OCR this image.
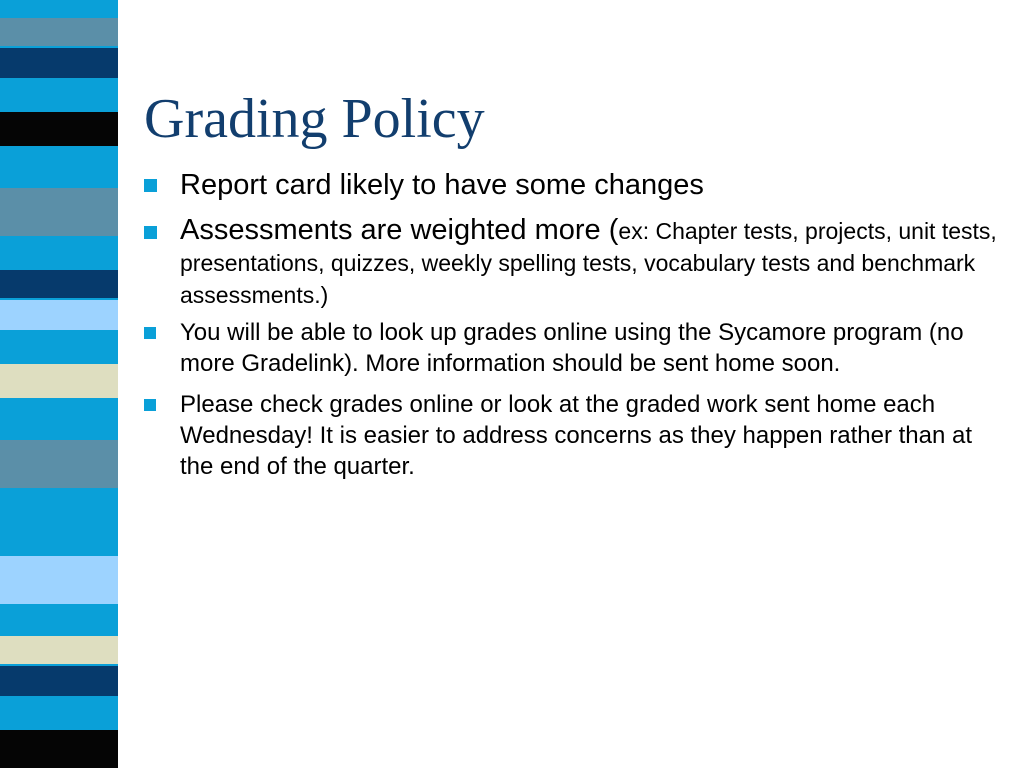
Grading Policy
Report card likely to have some changes
Assessments are weighted more (ex: Chapter tests, projects, unit tests, presentations, quizzes, weekly spelling tests, vocabulary tests and benchmark assessments.)
You will be able to look up grades online using the Sycamore program (no more Gradelink). More information should be sent home soon.
Please check grades online or look at the graded work sent home each Wednesday! It is easier to address concerns as they happen rather than at the end of the quarter.
